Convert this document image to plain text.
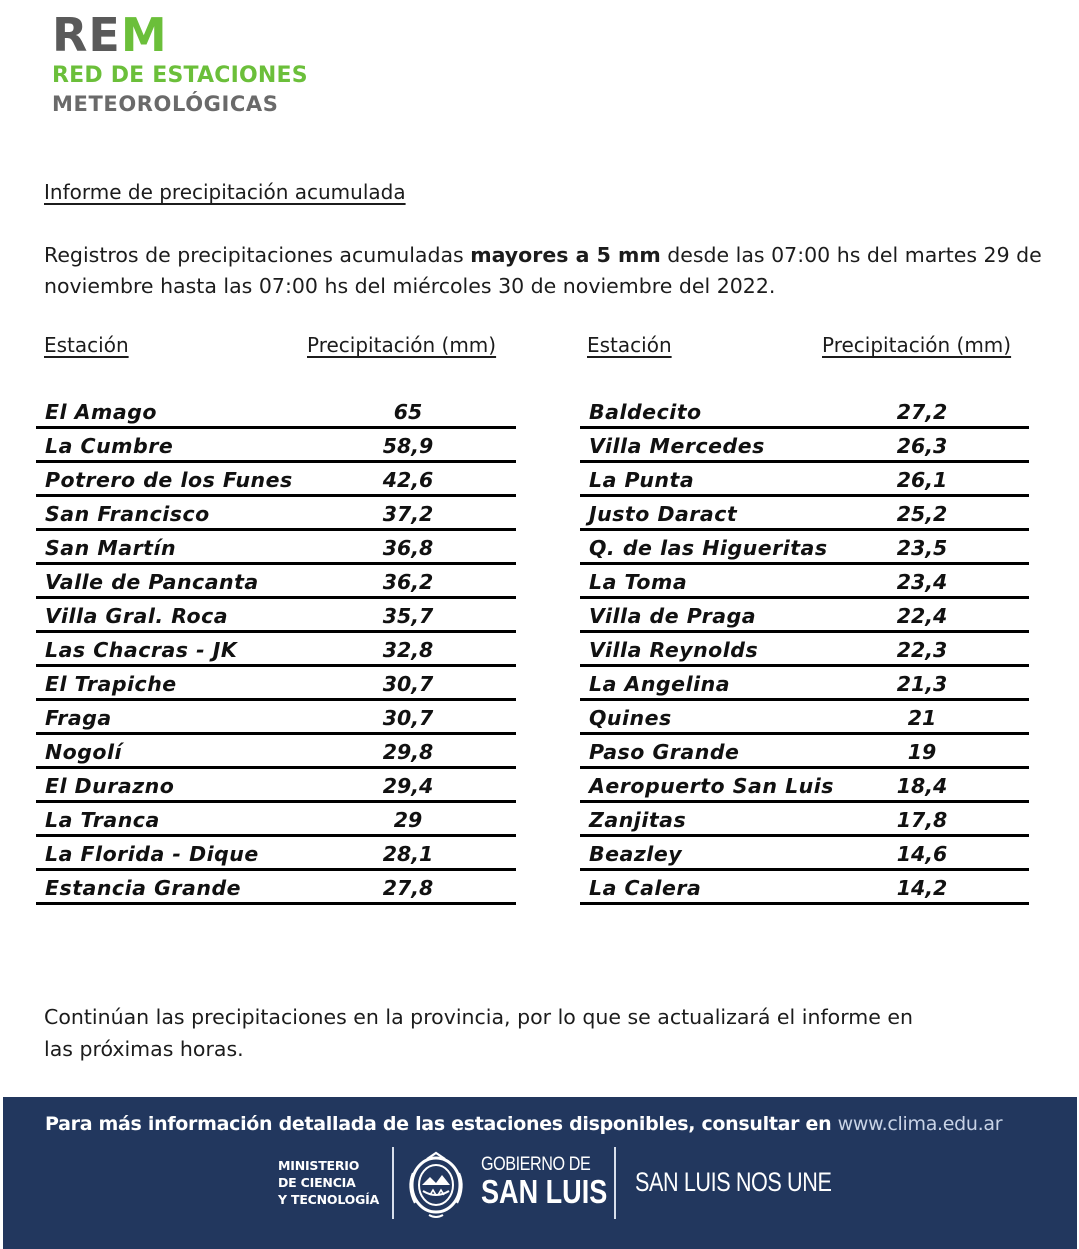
REM
RED DE ESTACIONES
METEOROLÓGICAS
Informe de precipitación acumulada
Registros de precipitaciones acumuladas mayores a 5 mm desde las 07:00 hs del martes 29 de noviembre hasta las 07:00 hs del miércoles 30 de noviembre del 2022.
Estación	Precipitación (mm)
El Amago	65
La Cumbre	58,9
Potrero de los Funes	42,6
San Francisco	37,2
San Martín	36,8
Valle de Pancanta	36,2
Villa Gral. Roca	35,7
Las Chacras - JK	32,8
El Trapiche	30,7
Fraga	30,7
Nogolí	29,8
El Durazno	29,4
La Tranca	29
La Florida - Dique	28,1
Estancia Grande	27,8
Estación	Precipitación (mm)
Baldecito	27,2
Villa Mercedes	26,3
La Punta	26,1
Justo Daract	25,2
Q. de las Higueritas	23,5
La Toma	23,4
Villa de Praga	22,4
Villa Reynolds	22,3
La Angelina	21,3
Quines	21
Paso Grande	19
Aeropuerto San Luis	18,4
Zanjitas	17,8
Beazley	14,6
La Calera	14,2
Continúan las precipitaciones en la provincia, por lo que se actualizará el informe en las próximas horas.
Para más información detallada de las estaciones disponibles, consultar en www.clima.edu.ar
MINISTERIO
DE CIENCIA
Y TECNOLOGÍA
GOBIERNO DE
SAN LUIS SAN LUIS NOS UNE
